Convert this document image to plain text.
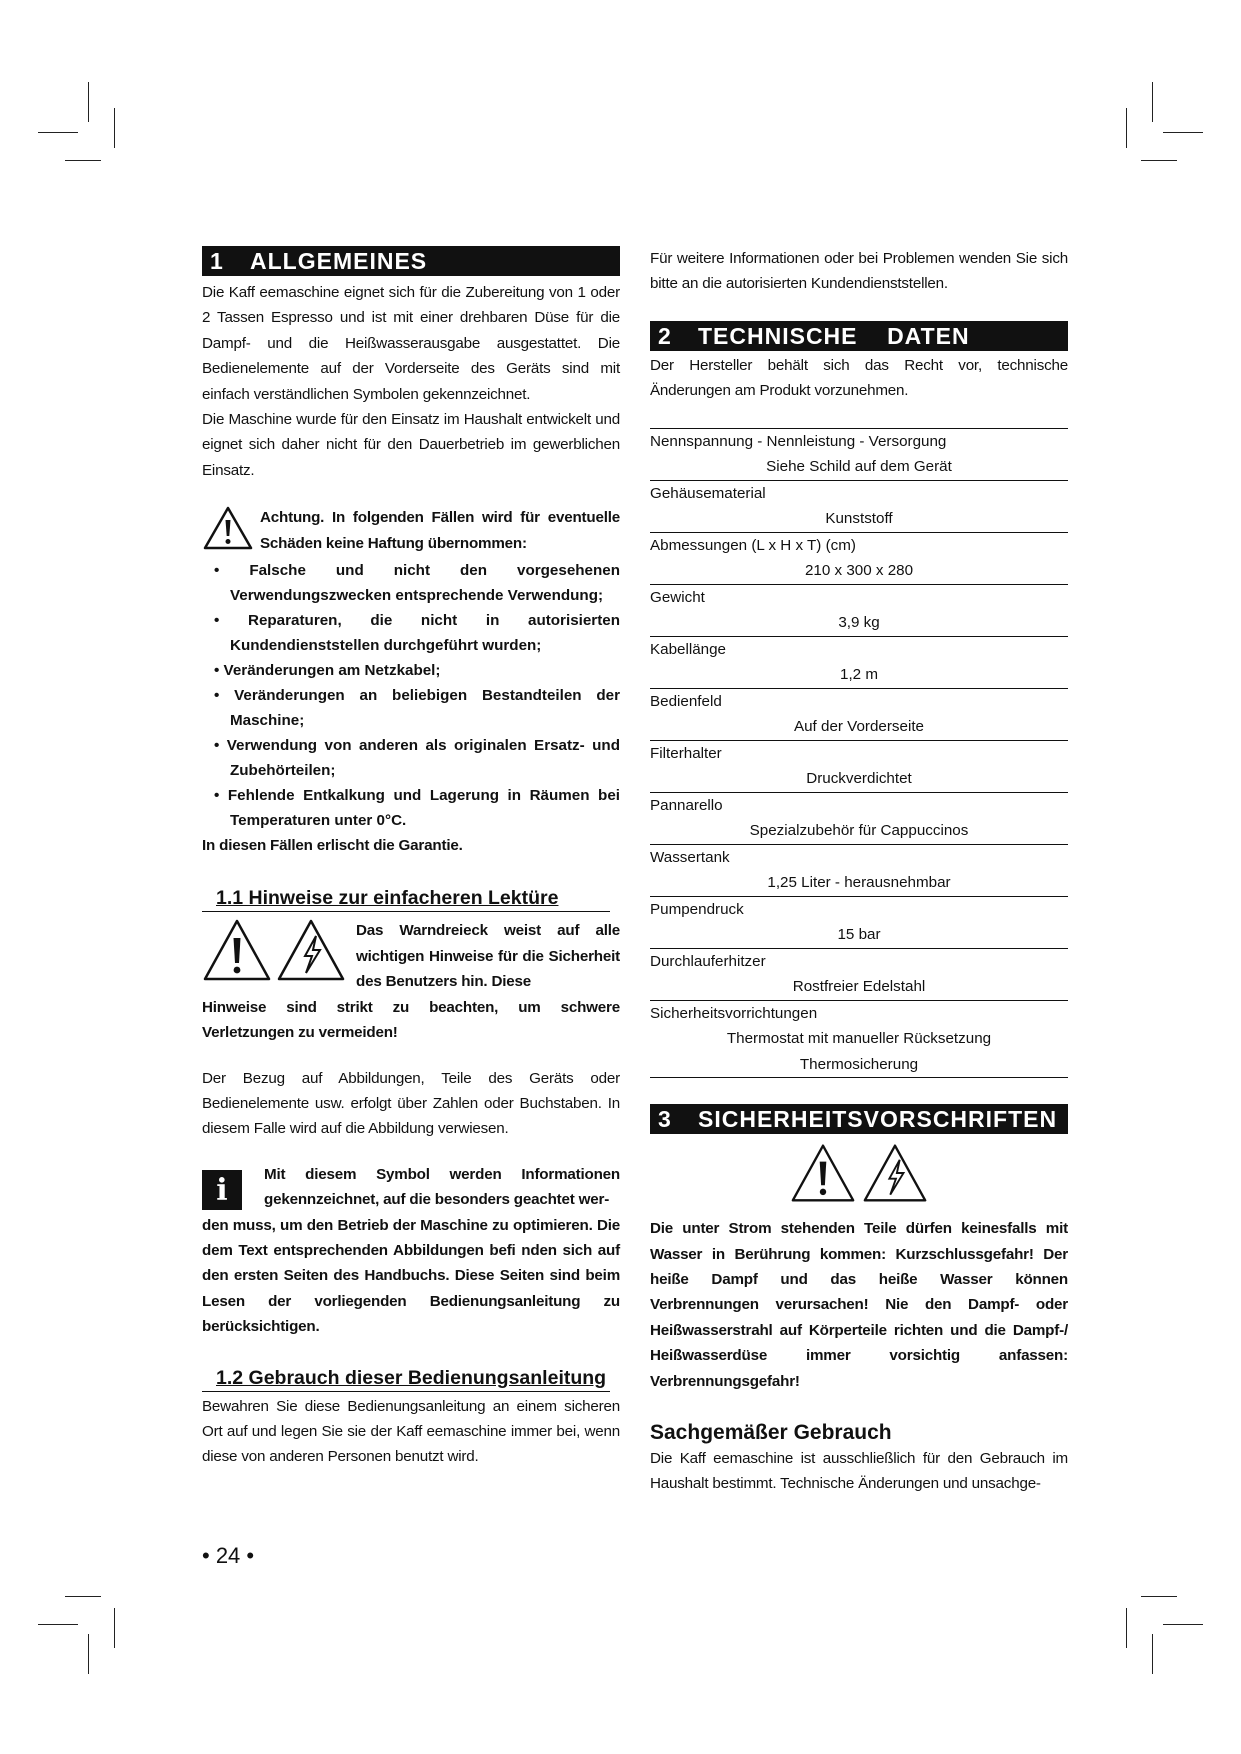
1 ALLGEMEINES

Die Kaff eemaschine eignet sich für die Zubereitung von 1 oder 2 Tassen Espresso und ist mit einer drehbaren Düse für die Dampf- und die Heißwasserausgabe ausgestattet. Die Bedienelemente auf der Vorderseite des Geräts sind mit einfach verständlichen Symbolen gekennzeichnet.

Die Maschine wurde für den Einsatz im Haushalt entwickelt und eignet sich daher nicht für den Dauerbetrieb im gewerblichen Einsatz.

Achtung. In folgenden Fällen wird für eventuelle Schäden keine Haftung übernommen:

• Falsche und nicht den vorgesehenen Verwendungszwecken entsprechende Verwendung;
• Reparaturen, die nicht in autorisierten Kundendienststellen durchgeführt wurden;
• Veränderungen am Netzkabel;
• Veränderungen an beliebigen Bestandteilen der Maschine;
• Verwendung von anderen als originalen Ersatz- und Zubehörteilen;
• Fehlende Entkalkung und Lagerung in Räumen bei Temperaturen unter 0°C.

In diesen Fällen erlischt die Garantie.

1.1 Hinweise zur einfacheren Lektüre

Das Warndreieck weist auf alle wichtigen Hinweise für die Sicherheit des Benutzers hin. Diese

Hinweise sind strikt zu beachten, um schwere Verletzungen zu vermeiden!

Der Bezug auf Abbildungen, Teile des Geräts oder Bedienelemente usw. erfolgt über Zahlen oder Buchstaben. In diesem Falle wird auf die Abbildung verwiesen.

i	Mit diesem Symbol werden Informationen gekennzeichnet, auf die besonders geachtet wer-

den muss, um den Betrieb der Maschine zu optimieren. Die dem Text entsprechenden Abbildungen befi nden sich auf den ersten Seiten des Handbuchs. Diese Seiten sind beim Lesen der vorliegenden Bedienungsanleitung zu berücksichtigen.

1.2 Gebrauch dieser Bedienungsanleitung

Bewahren Sie diese Bedienungsanleitung an einem sicheren Ort auf und legen Sie sie der Kaff eemaschine immer bei, wenn diese von anderen Personen benutzt wird.

Für weitere Informationen oder bei Problemen wenden Sie sich bitte an die autorisierten Kundendienststellen.

2 TECHNISCHE    DATEN

Der Hersteller behält sich das Recht vor, technische Änderungen am Produkt vorzunehmen.

Nennspannung - Nennleistung - Versorgung
Siehe Schild auf dem Gerät
Gehäusematerial
Kunststoff
Abmessungen (L x H x T) (cm)
210 x 300 x 280
Gewicht
3,9 kg
Kabellänge
1,2 m
Bedienfeld
Auf der Vorderseite
Filterhalter
Druckverdichtet
Pannarello
Spezialzubehör für Cappuccinos
Wassertank
1,25 Liter - herausnehmbar
Pumpendruck
15 bar
Durchlauferhitzer
Rostfreier Edelstahl
Sicherheitsvorrichtungen
Thermostat mit manueller Rücksetzung
Thermosicherung
3 SICHERHEITSVORSCHRIFTEN

Die unter Strom stehenden Teile dürfen keinesfalls mit Wasser in Berührung kommen: Kurzschlussgefahr! Der heiße Dampf und das heiße Wasser können Verbrennungen verursachen! Nie den Dampf- oder Heißwasserstrahl auf Körperteile richten und die Dampf-/ Heißwasserdüse immer vorsichtig anfassen: Verbrennungsgefahr!

Sachgemäßer Gebrauch

Die Kaff eemaschine ist ausschließlich für den Gebrauch im Haushalt bestimmt. Technische Änderungen und unsachge-

• 24 •
